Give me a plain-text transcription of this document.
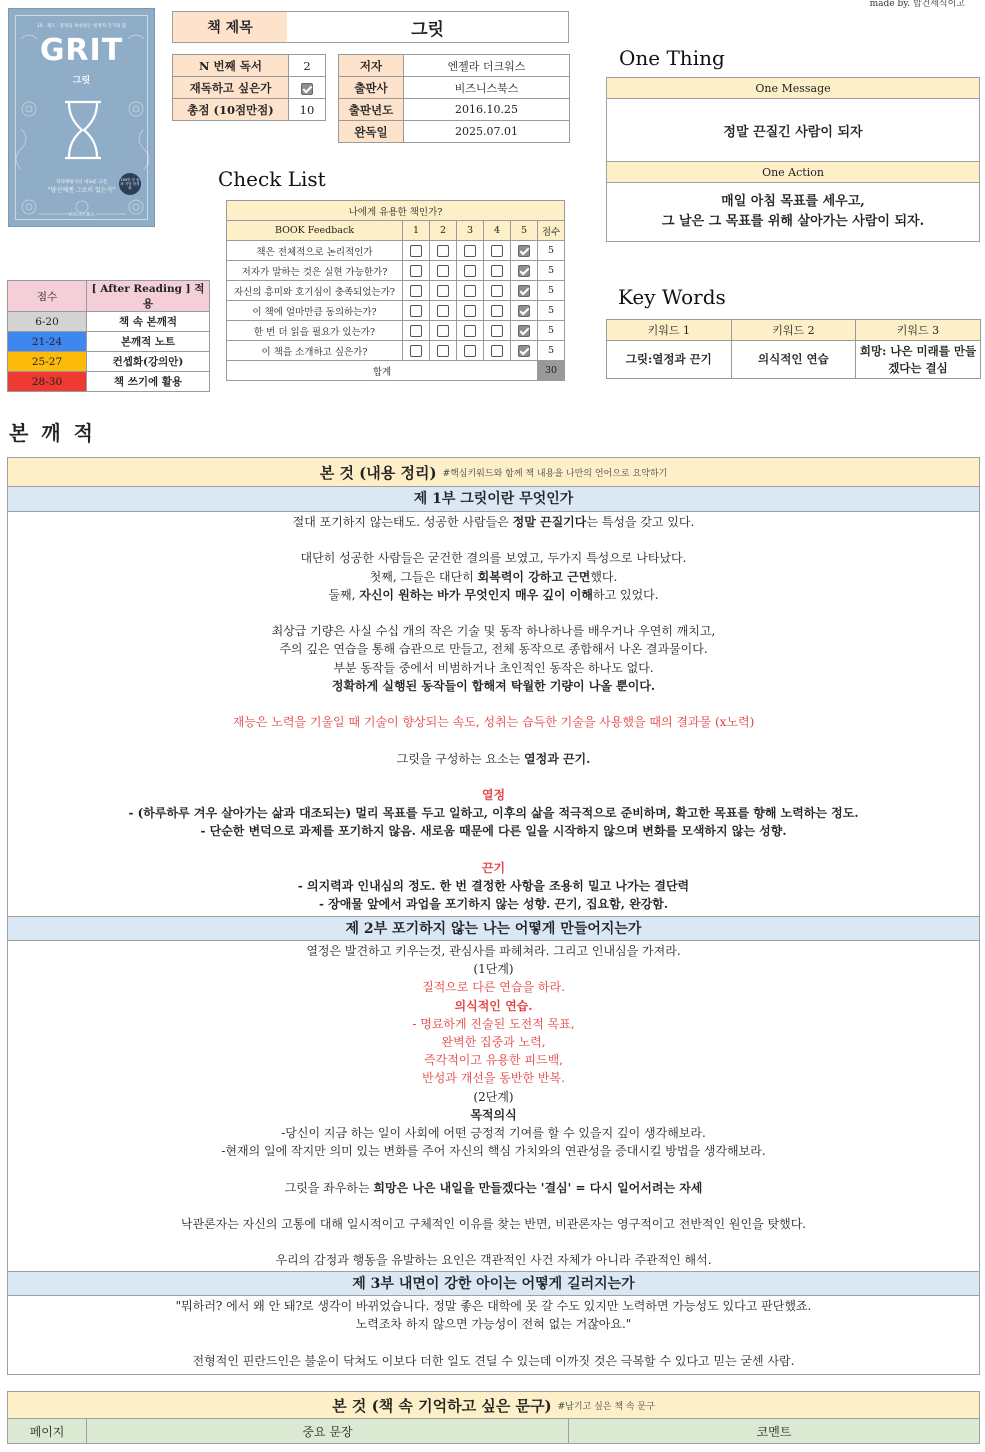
made by. 밥건세식이고
10 . 제도 · 분경을 허쉬상는 빌정적 간기의 힘
GRIT
그릿
파리태평서의 새로운 고전
"당신에겐 그로이 있는가"
100만 부 돌파 기념 한정판
비즈니스북스
책 제목	그릿
N 번째 독서	2
재독하고 싶은가	
총점 (10점만점)	10
저자	엔젤라 더크워스
출판사	비즈니스북스
출판년도	2016.10.25
완독일	2025.07.01
One Thing
One Message
정말 끈질긴 사람이 되자
One Action
매일 아침 목표를 세우고,
그 날은 그 목표를 위해 살아가는 사람이 되자.
Check List
나에게 유용한 책인가?						
BOOK Feedback	1	2	3	4	5	점수
책은 전체적으로 논리적인가						5
저자가 말하는 것은 실현 가능한가?						5
자신의 흥미와 호기심이 충족되었는가?						5
이 책에 얼마만큼 동의하는가?						5
한 번 더 읽을 필요가 있는가?						5
이 책을 소개하고 싶은가?						5
합계						30
점수	[ After Reading ] 적용
6-20	책 속 본깨적
21-24	본깨적 노트
25-27	컨셉화(강의안)
28-30	책 쓰기에 활용
Key Words
키워드 1	키워드 2	키워드 3
그릿:열정과 끈기	의식적인 연습	희망: 나은 미래를 만들겠다는 결심
본 깨 적
본 것 (내용 정리) #핵심키워드와 함께 책 내용을 나만의 언어으로 요약하기
제 1부 그릿이란 무엇인가
절대 포기하지 않는태도. 성공한 사람들은 정말 끈질기다는 특성을 갖고 있다.
대단히 성공한 사람들은 굳건한 결의를 보였고, 두가지 특성으로 나타났다.
첫째, 그들은 대단히 회복력이 강하고 근면했다.
둘째, 자신이 원하는 바가 무엇인지 매우 깊이 이해하고 있었다.
최상급 기량은 사실 수십 개의 작은 기술 및 동작 하나하나를 배우거나 우연히 깨치고,
주의 깊은 연습을 통해 습관으로 만들고, 전체 동작으로 종합해서 나온 결과물이다.
부분 동작들 중에서 비범하거나 초인적인 동작은 하나도 없다.
정확하게 실행된 동작들이 합해져 탁월한 기량이 나올 뿐이다.
재능은 노력을 기울일 때 기술이 향상되는 속도, 성취는 습득한 기술을 사용했을 때의 결과물 (x노력)
그릿을 구성하는 요소는 열정과 끈기.
열정
- (하루하루 겨우 살아가는 삶과 대조되는) 멀리 목표를 두고 일하고, 이후의 삶을 적극적으로 준비하며, 확고한 목표를 향해 노력하는 정도.
- 단순한 변덕으로 과제를 포기하지 않음. 새로움 때문에 다른 일을 시작하지 않으며 변화를 모색하지 않는 성향.
끈기
- 의지력과 인내심의 정도. 한 번 결정한 사항을 조용히 밀고 나가는 결단력
- 장애물 앞에서 과업을 포기하지 않는 성향. 끈기, 집요함, 완강함.
제 2부 포기하지 않는 나는 어떻게 만들어지는가
열정은 발견하고 키우는것, 관심사를 파헤쳐라. 그리고 인내심을 가져라.
(1단계)
질적으로 다른 연습을 하라.
의식적인 연습.
- 명료하게 진술된 도전적 목표,
완벽한 집중과 노력,
즉각적이고 유용한 피드백,
반성과 개선을 동반한 반복.
(2단계)
목적의식
-당신이 지금 하는 일이 사회에 어떤 긍정적 기여를 할 수 있을지 깊이 생각해보라.
-현재의 일에 작지만 의미 있는 변화를 주어 자신의 핵심 가치와의 연관성을 증대시킬 방법을 생각해보라.
그릿을 좌우하는 희망은 나은 내일을 만들겠다는 '결심' = 다시 일어서려는 자세
낙관론자는 자신의 고통에 대해 일시적이고 구체적인 이유를 찾는 반면, 비관론자는 영구적이고 전반적인 원인을 탓했다.
우리의 감정과 행동을 유발하는 요인은 객관적인 사건 자체가 아니라 주관적인 해석.
제 3부 내면이 강한 아이는 어떻게 길러지는가
"뭐하러? 에서 왜 안 돼?로 생각이 바뀌었습니다. 정말 좋은 대학에 못 갈 수도 있지만 노력하면 가능성도 있다고 판단했죠.
노력조차 하지 않으면 가능성이 전혀 없는 거잖아요."
전형적인 핀란드인은 불운이 닥쳐도 이보다 더한 일도 견딜 수 있는데 이까짓 것은 극복할 수 있다고 믿는 굳센 사람.
본 것 (책 속 기억하고 싶은 문구) #남기고 싶은 책 속 문구
페이지	중요 문장	코멘트
